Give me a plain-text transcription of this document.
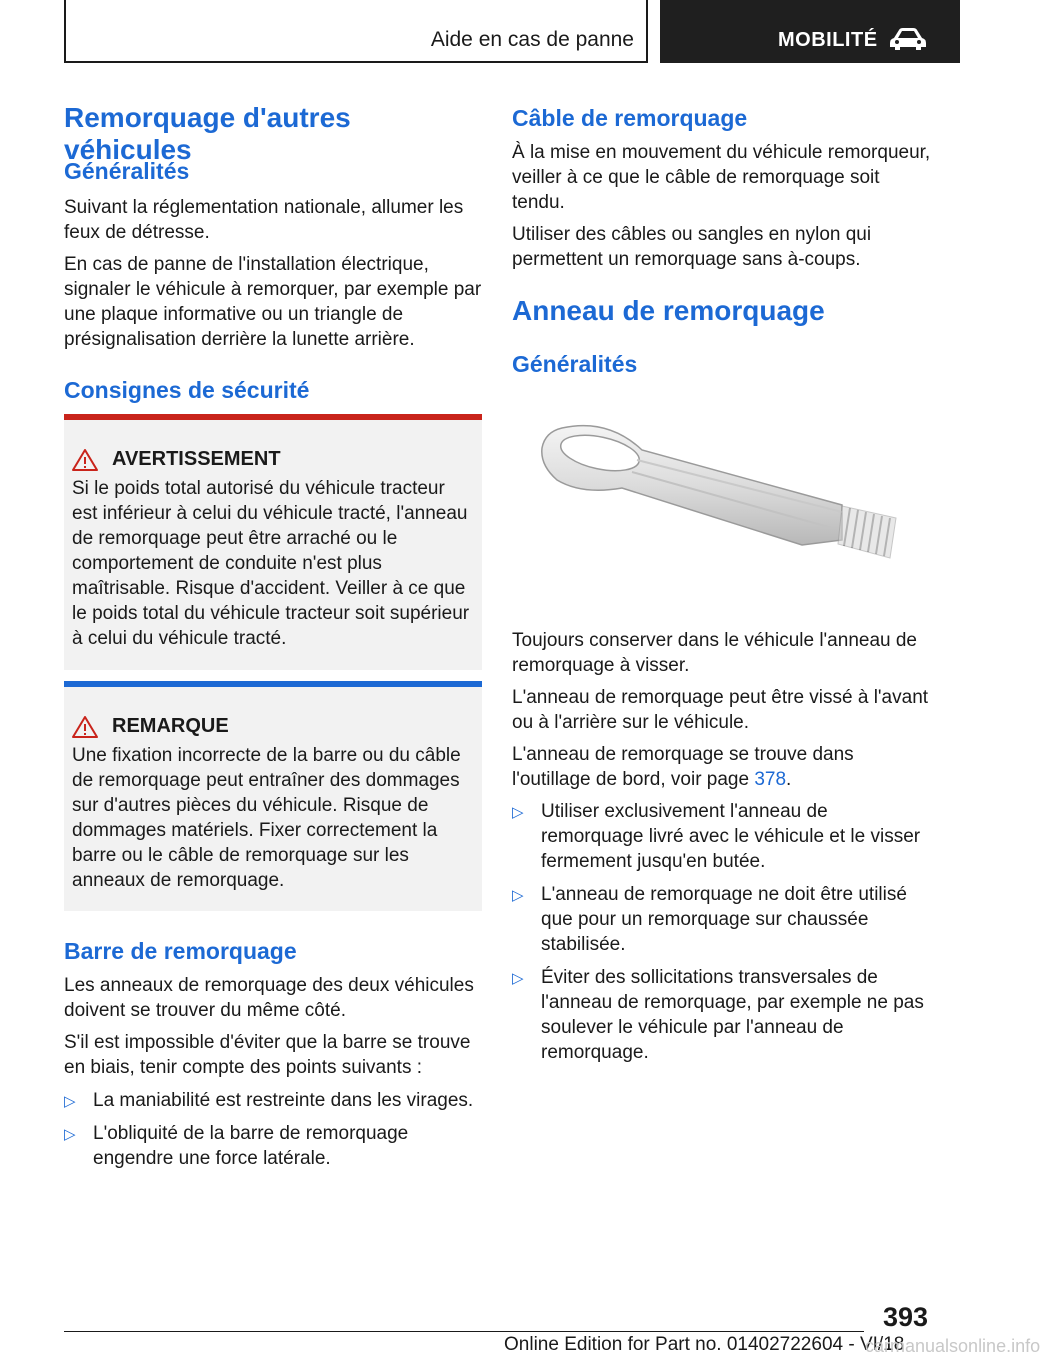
Aide en cas de panne	MOBILITÉ
Remorquage d'autres véhicules
Généralités

Suivant la réglementation nationale, allumer les feux de détresse.

En cas de panne de l'installation électrique, signaler le véhicule à remorquer, par exemple par une plaque informative ou un triangle de présignalisation derrière la lunette arrière.

Consignes de sécurité
AVERTISSEMENT

Si le poids total autorisé du véhicule tracteur est inférieur à celui du véhicule tracté, l'anneau de remorquage peut être arraché ou le comportement de conduite n'est plus maîtrisable. Risque d'accident. Veiller à ce que le poids total du véhicule tracteur soit supérieur à celui du véhicule tracté.

REMARQUE

Une fixation incorrecte de la barre ou du câble de remorquage peut entraîner des dommages sur d'autres pièces du véhicule. Risque de dommages matériels. Fixer correctement la barre ou le câble de remorquage sur les anneaux de remorquage.

Barre de remorquage

Les anneaux de remorquage des deux véhicules doivent se trouver du même côté.

S'il est impossible d'éviter que la barre se trouve en biais, tenir compte des points suivants :

▷ La maniabilité est restreinte dans les virages.
▷ L'obliquité de la barre de remorquage engendre une force latérale.
Câble de remorquage

À la mise en mouvement du véhicule remorqueur, veiller à ce que le câble de remorquage soit tendu.

Utiliser des câbles ou sangles en nylon qui permettent un remorquage sans à-coups.

Anneau de remorquage
Généralités

Toujours conserver dans le véhicule l'anneau de remorquage à visser.

L'anneau de remorquage peut être vissé à l'avant ou à l'arrière sur le véhicule.

L'anneau de remorquage se trouve dans l'outillage de bord, voir page 378.

▷ Utiliser exclusivement l'anneau de remorquage livré avec le véhicule et le visser fermement jusqu'en butée.
▷ L'anneau de remorquage ne doit être utilisé que pour un remorquage sur chaussée stabilisée.
▷ Éviter des sollicitations transversales de l'anneau de remorquage, par exemple ne pas soulever le véhicule par l'anneau de remorquage.
393
Online Edition for Part no. 01402722604 - VI/18
carmanualsonline.info
